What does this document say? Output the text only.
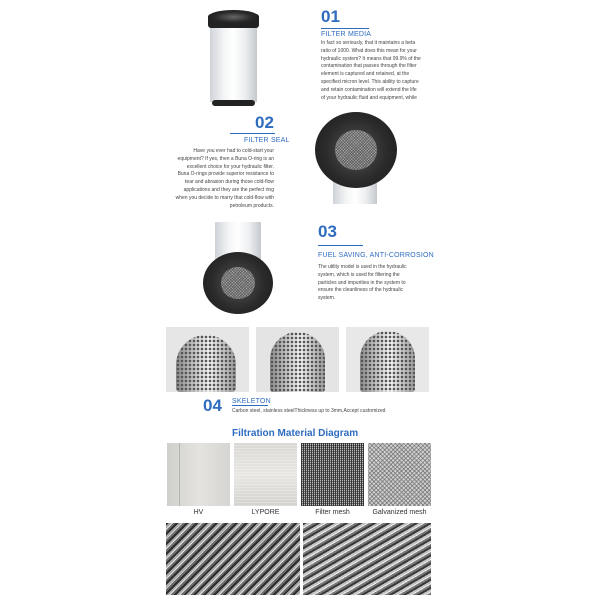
01
FILTER MEDIA
In fact so seriously, that it maintains a beta
ratio of 1000. What does this mean for your
hydraulic system? It means that 99.9% of the
contamination that passes through the filter
element is captured and retained, at the
specified micron level. This ability to capture
and retain contamination will extend the life
of your hydraulic fluid and equipment, while
02
FILTER SEAL
Have you ever had to cold-start your
equipment? If yes, then a Buna O-ring is an
excellent choice for your hydraulic filter.
Buna O-rings provide superior resistance to
tear and abrasion during those cold-flow
applications and they are the perfect ring
when you decide to marry that cold-flow with
petroleum products.
03
FUEL SAVING, ANTI-CORROSION
The utility model is used in the hydraulic
system, which is used for filtering the
particles and impurities in the system to
ensure the cleanliness of the hydraulic
system.
04 SKELETON
Carbon steel, stainless steelThickness up to 3mm,Accept customized
Filtration Material Diagram
HV	LYPORE	Filter mesh	Galvanized mesh
